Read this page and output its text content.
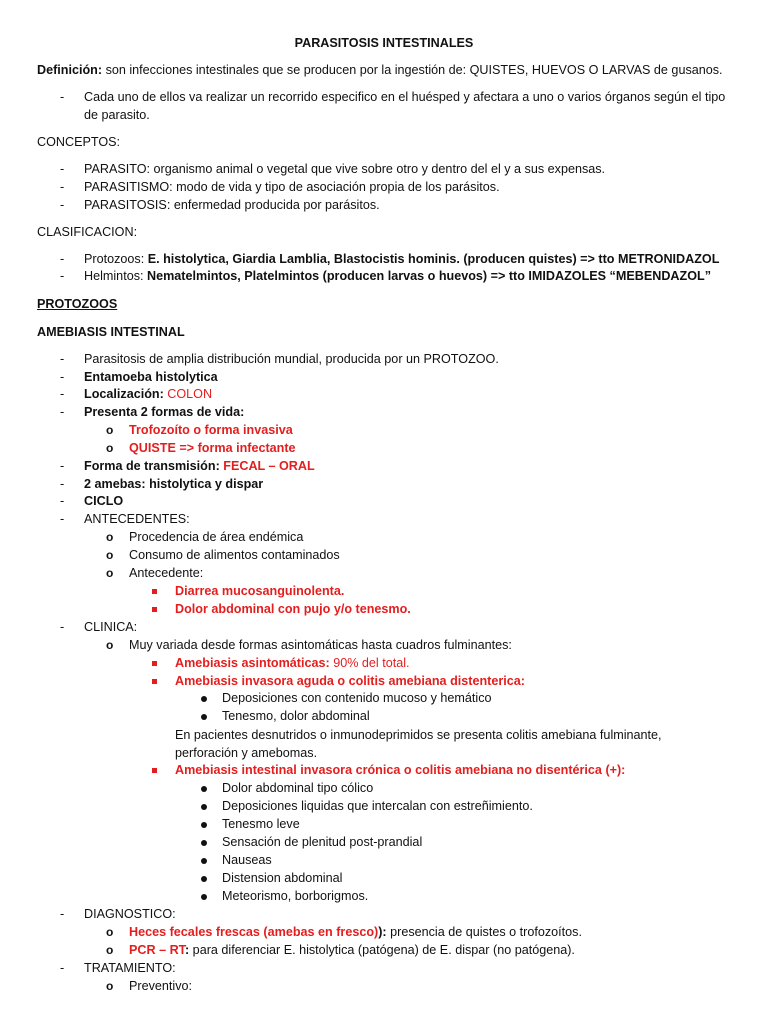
PARASITOSIS INTESTINALES
Definición: son infecciones intestinales que se producen por la ingestión de: QUISTES, HUEVOS O LARVAS de gusanos.
- Cada uno de ellos va realizar un recorrido especifico en el huésped y afectara a uno o varios órganos según el tipo
de parasito.
CONCEPTOS:
- PARASITO: organismo animal o vegetal que vive sobre otro y dentro del el y a sus expensas.
- PARASITISMO: modo de vida y tipo de asociación propia de los parásitos.
- PARASITOSIS: enfermedad producida por parásitos.
CLASIFICACION:
- Protozoos: E. histolytica, Giardia Lamblia, Blastocistis hominis. (producen quistes) => tto METRONIDAZOL
- Helmintos: Nematelmintos, Platelmintos (producen larvas o huevos) => tto IMIDAZOLES “MEBENDAZOL”
PROTOZOOS
AMEBIASIS INTESTINAL
- Parasitosis de amplia distribución mundial, producida por un PROTOZOO.
- Entamoeba histolytica
- Localización: COLON
- Presenta 2 formas de vida:
o Trofozoíto o forma invasiva
o QUISTE => forma infectante
- Forma de transmisión: FECAL – ORAL
- 2 amebas: histolytica y dispar
- CICLO
- ANTECEDENTES:
o Procedencia de área endémica
o Consumo de alimentos contaminados
o Antecedente:
Diarrea mucosanguinolenta.
Dolor abdominal con pujo y/o tenesmo.
- CLINICA:
o Muy variada desde formas asintomáticas hasta cuadros fulminantes:
Amebiasis asintomáticas: 90% del total.
Amebiasis invasora aguda o colitis amebiana distenterica:
Deposiciones con contenido mucoso y hemático
Tenesmo, dolor abdominal
En pacientes desnutridos o inmunodeprimidos se presenta colitis amebiana fulminante,
perforación y amebomas.
Amebiasis intestinal invasora crónica o colitis amebiana no disentérica (+):
Dolor abdominal tipo cólico
Deposiciones liquidas que intercalan con estreñimiento.
Tenesmo leve
Sensación de plenitud post-prandial
Nauseas
Distension abdominal
Meteorismo, borborigmos.
- DIAGNOSTICO:
o Heces fecales frescas (amebas en fresco)): presencia de quistes o trofozoítos.
o PCR – RT: para diferenciar E. histolytica (patógena) de E. dispar (no patógena).
- TRATAMIENTO:
o Preventivo:
